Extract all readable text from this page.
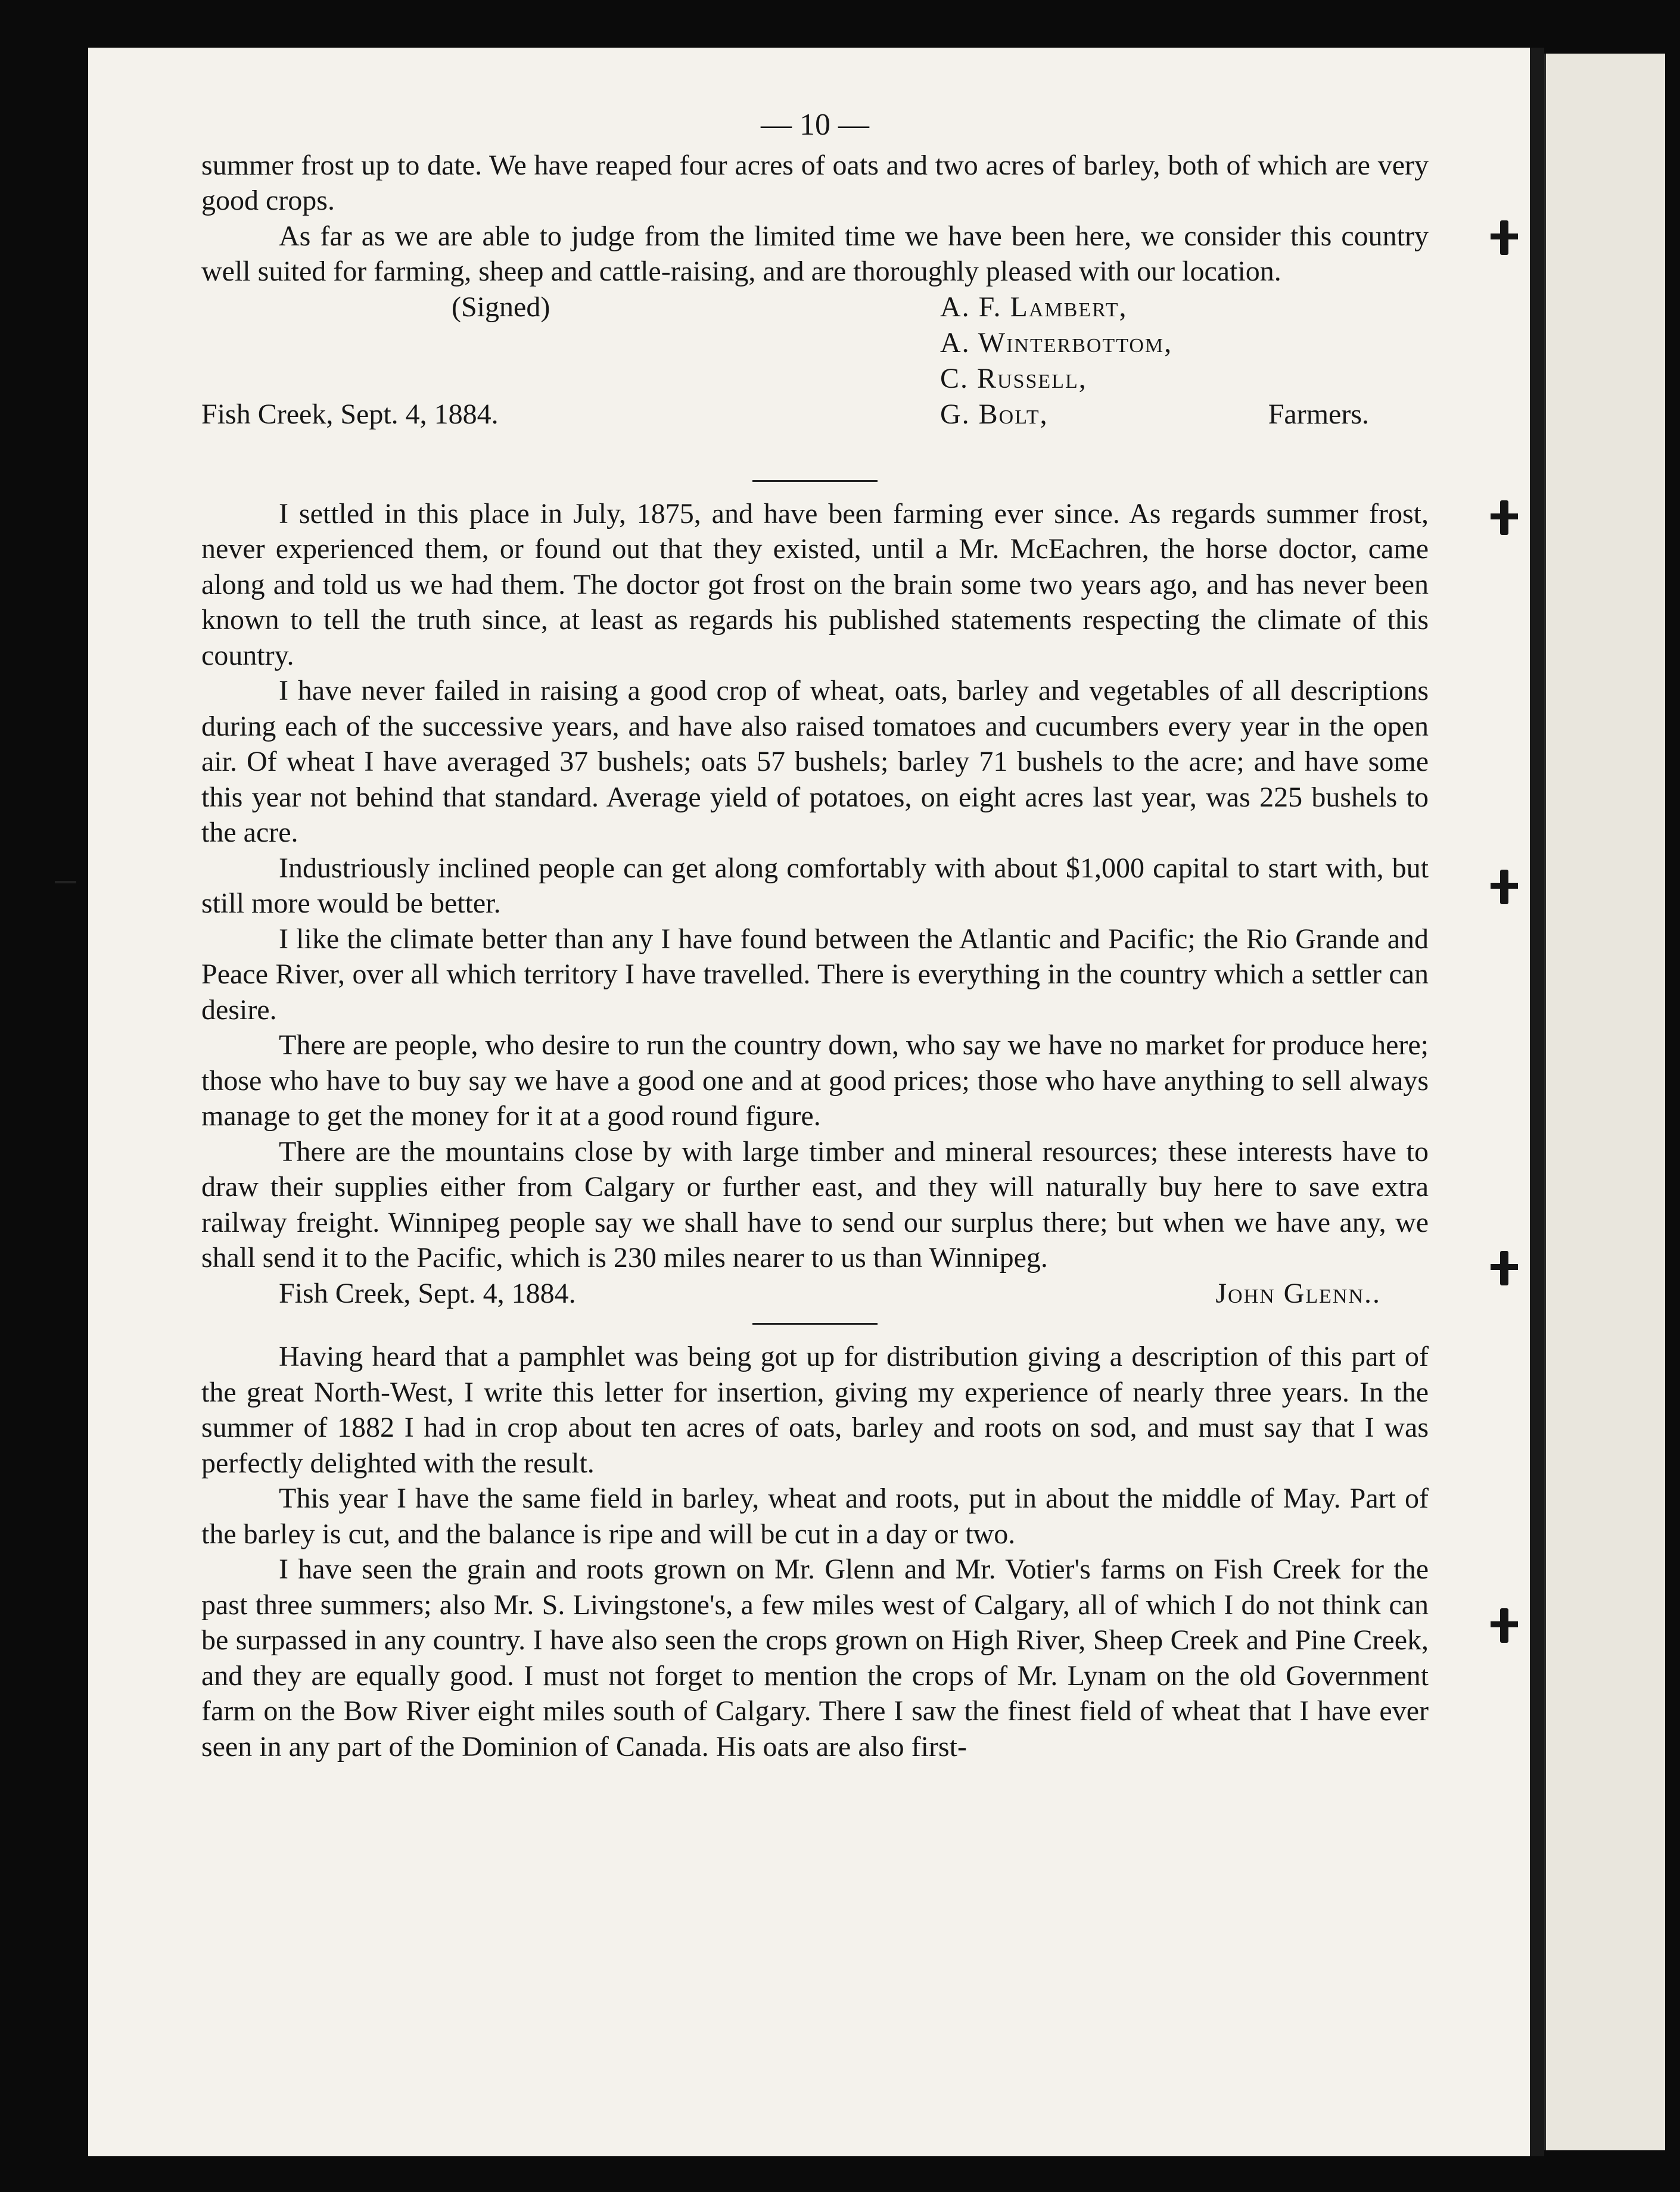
— 10 —

summer frost up to date. We have reaped four acres of oats and two acres of barley, both of which are very good crops.

As far as we are able to judge from the limited time we have been here, we consider this country well suited for farming, sheep and cattle-raising, and are thoroughly pleased with our location.

(Signed)	A. F. Lambert,
A. Winterbottom,
C. Russell,
G. Bolt,
Fish Creek, Sept. 4, 1884.	Farmers.

I settled in this place in July, 1875, and have been farming ever since. As regards summer frost, never experienced them, or found out that they existed, until a Mr. McEachren, the horse doctor, came along and told us we had them. The doctor got frost on the brain some two years ago, and has never been known to tell the truth since, at least as regards his published statements respecting the climate of this country.

I have never failed in raising a good crop of wheat, oats, barley and vegetables of all descriptions during each of the successive years, and have also raised tomatoes and cucumbers every year in the open air. Of wheat I have averaged 37 bushels; oats 57 bushels; barley 71 bushels to the acre; and have some this year not behind that standard. Average yield of potatoes, on eight acres last year, was 225 bushels to the acre.

Industriously inclined people can get along comfortably with about $1,000 capital to start with, but still more would be better.

I like the climate better than any I have found between the Atlantic and Pacific; the Rio Grande and Peace River, over all which territory I have travelled. There is everything in the country which a settler can desire.

There are people, who desire to run the country down, who say we have no market for produce here; those who have to buy say we have a good one and at good prices; those who have anything to sell always manage to get the money for it at a good round figure.

There are the mountains close by with large timber and mineral resources; these interests have to draw their supplies either from Calgary or further east, and they will naturally buy here to save extra railway freight. Winnipeg people say we shall have to send our surplus there; but when we have any, we shall send it to the Pacific, which is 230 miles nearer to us than Winnipeg.

Fish Creek, Sept. 4, 1884.	John Glenn..

Having heard that a pamphlet was being got up for distribution giving a description of this part of the great North-West, I write this letter for insertion, giving my experience of nearly three years. In the summer of 1882 I had in crop about ten acres of oats, barley and roots on sod, and must say that I was perfectly delighted with the result.

This year I have the same field in barley, wheat and roots, put in about the middle of May. Part of the barley is cut, and the balance is ripe and will be cut in a day or two.

I have seen the grain and roots grown on Mr. Glenn and Mr. Votier's farms on Fish Creek for the past three summers; also Mr. S. Livingstone's, a few miles west of Calgary, all of which I do not think can be surpassed in any country. I have also seen the crops grown on High River, Sheep Creek and Pine Creek, and they are equally good. I must not forget to mention the crops of Mr. Lynam on the old Government farm on the Bow River eight miles south of Calgary. There I saw the finest field of wheat that I have ever seen in any part of the Dominion of Canada. His oats are also first-
